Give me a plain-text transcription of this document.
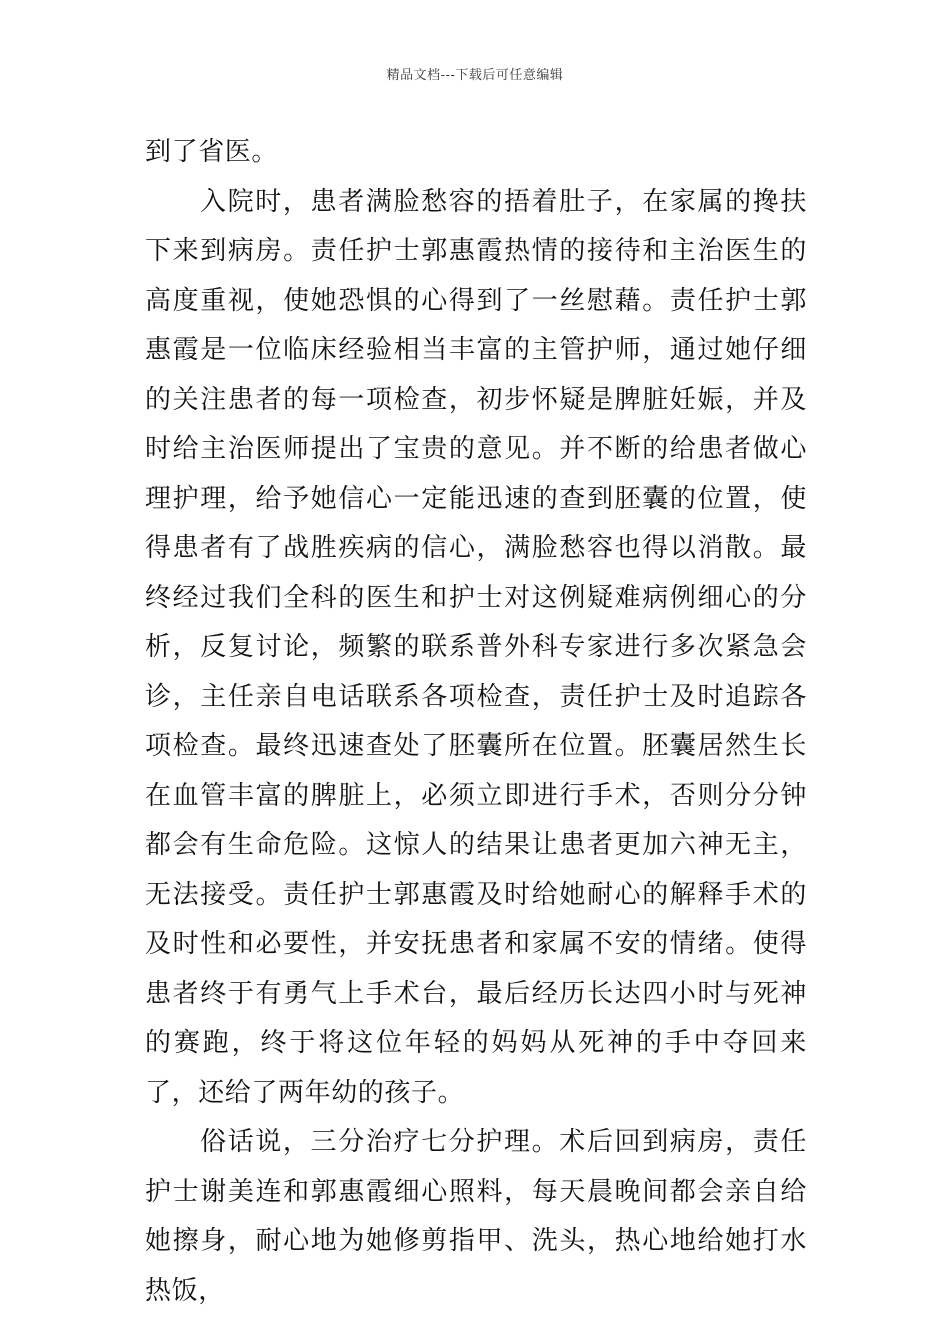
精品文档---下载后可任意编辑

到了省医。

入院时，患者满脸愁容的捂着肚子，在家属的搀扶下来到病房。责任护士郭惠霞热情的接待和主治医生的高度重视，使她恐惧的心得到了一丝慰藉。责任护士郭惠霞是一位临床经验相当丰富的主管护师，通过她仔细的关注患者的每一项检查，初步怀疑是脾脏妊娠，并及时给主治医师提出了宝贵的意见。并不断的给患者做心理护理，给予她信心一定能迅速的查到胚囊的位置，使得患者有了战胜疾病的信心，满脸愁容也得以消散。最终经过我们全科的医生和护士对这例疑难病例细心的分析，反复讨论，频繁的联系普外科专家进行多次紧急会诊，主任亲自电话联系各项检查，责任护士及时追踪各项检查。最终迅速查处了胚囊所在位置。胚囊居然生长在血管丰富的脾脏上，必须立即进行手术，否则分分钟都会有生命危险。这惊人的结果让患者更加六神无主，无法接受。责任护士郭惠霞及时给她耐心的解释手术的及时性和必要性，并安抚患者和家属不安的情绪。使得患者终于有勇气上手术台，最后经历长达四小时与死神的赛跑，终于将这位年轻的妈妈从死神的手中夺回来了，还给了两年幼的孩子。

俗话说，三分治疗七分护理。术后回到病房，责任护士谢美连和郭惠霞细心照料，每天晨晚间都会亲自给她擦身，耐心地为她修剪指甲、洗头，热心地给她打水热饭，
